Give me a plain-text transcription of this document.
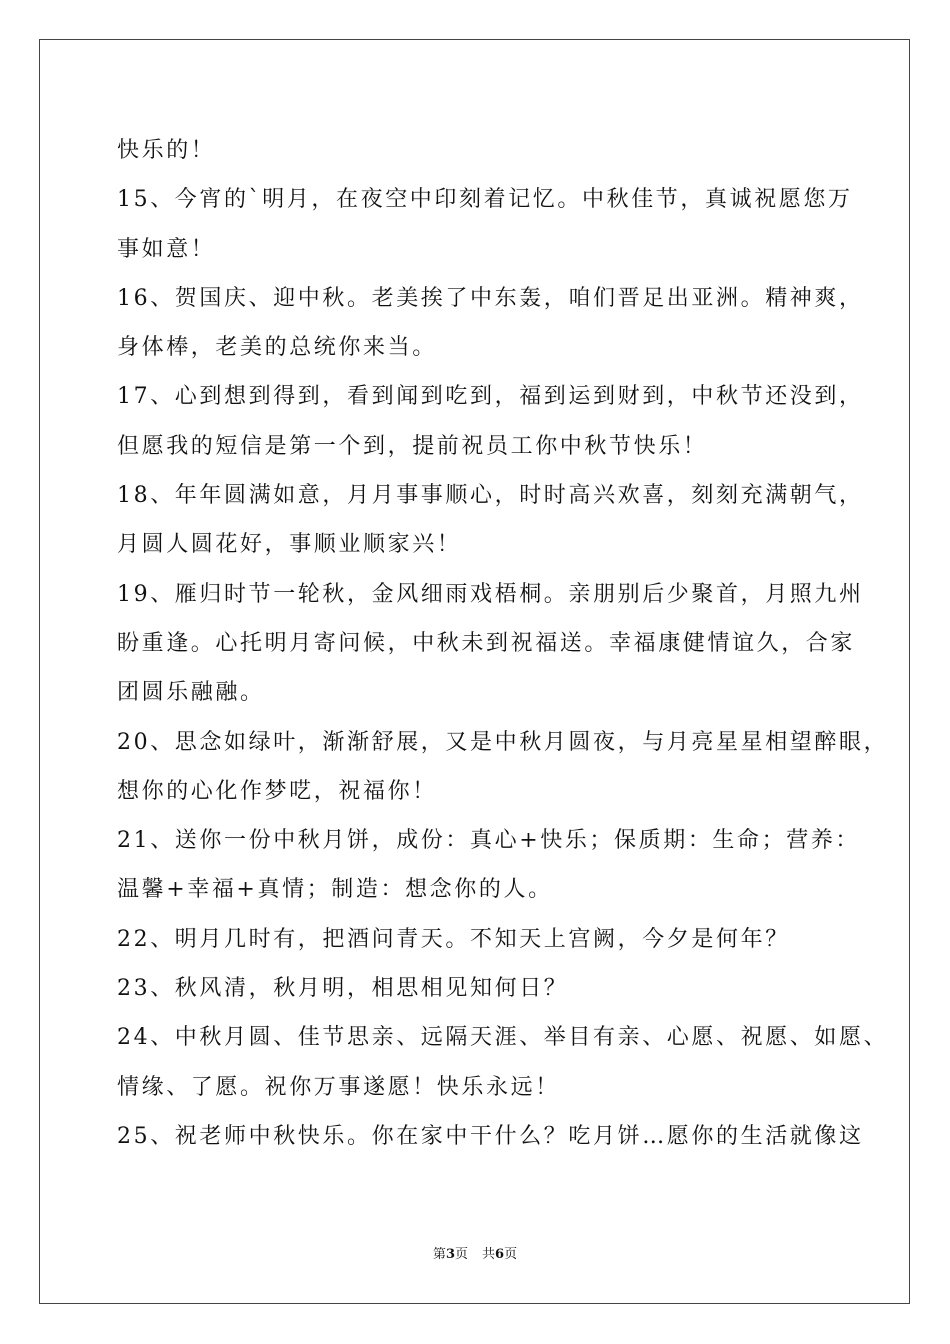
快乐的！
15、今宵的`明月，在夜空中印刻着记忆。中秋佳节，真诚祝愿您万
事如意！
16、贺国庆、迎中秋。老美挨了中东轰，咱们晋足出亚洲。精神爽，
身体棒，老美的总统你来当。
17、心到想到得到，看到闻到吃到，福到运到财到，中秋节还没到，
但愿我的短信是第一个到，提前祝员工你中秋节快乐！
18、年年圆满如意，月月事事顺心，时时高兴欢喜，刻刻充满朝气，
月圆人圆花好，事顺业顺家兴！
19、雁归时节一轮秋，金风细雨戏梧桐。亲朋别后少聚首，月照九州
盼重逢。心托明月寄问候，中秋未到祝福送。幸福康健情谊久，合家
团圆乐融融。
20、思念如绿叶，渐渐舒展，又是中秋月圆夜，与月亮星星相望醉眼，
想你的心化作梦呓，祝福你！
21、送你一份中秋月饼，成份：真心+快乐；保质期：生命；营养：
温馨+幸福+真情；制造：想念你的人。
22、明月几时有，把酒问青天。不知天上宫阙，今夕是何年？
23、秋风清，秋月明，相思相见知何日？
24、中秋月圆、佳节思亲、远隔天涯、举目有亲、心愿、祝愿、如愿、
情缘、了愿。祝你万事遂愿！快乐永远！
25、祝老师中秋快乐。你在家中干什么？吃月饼…愿你的生活就像这
第3页 共6页
